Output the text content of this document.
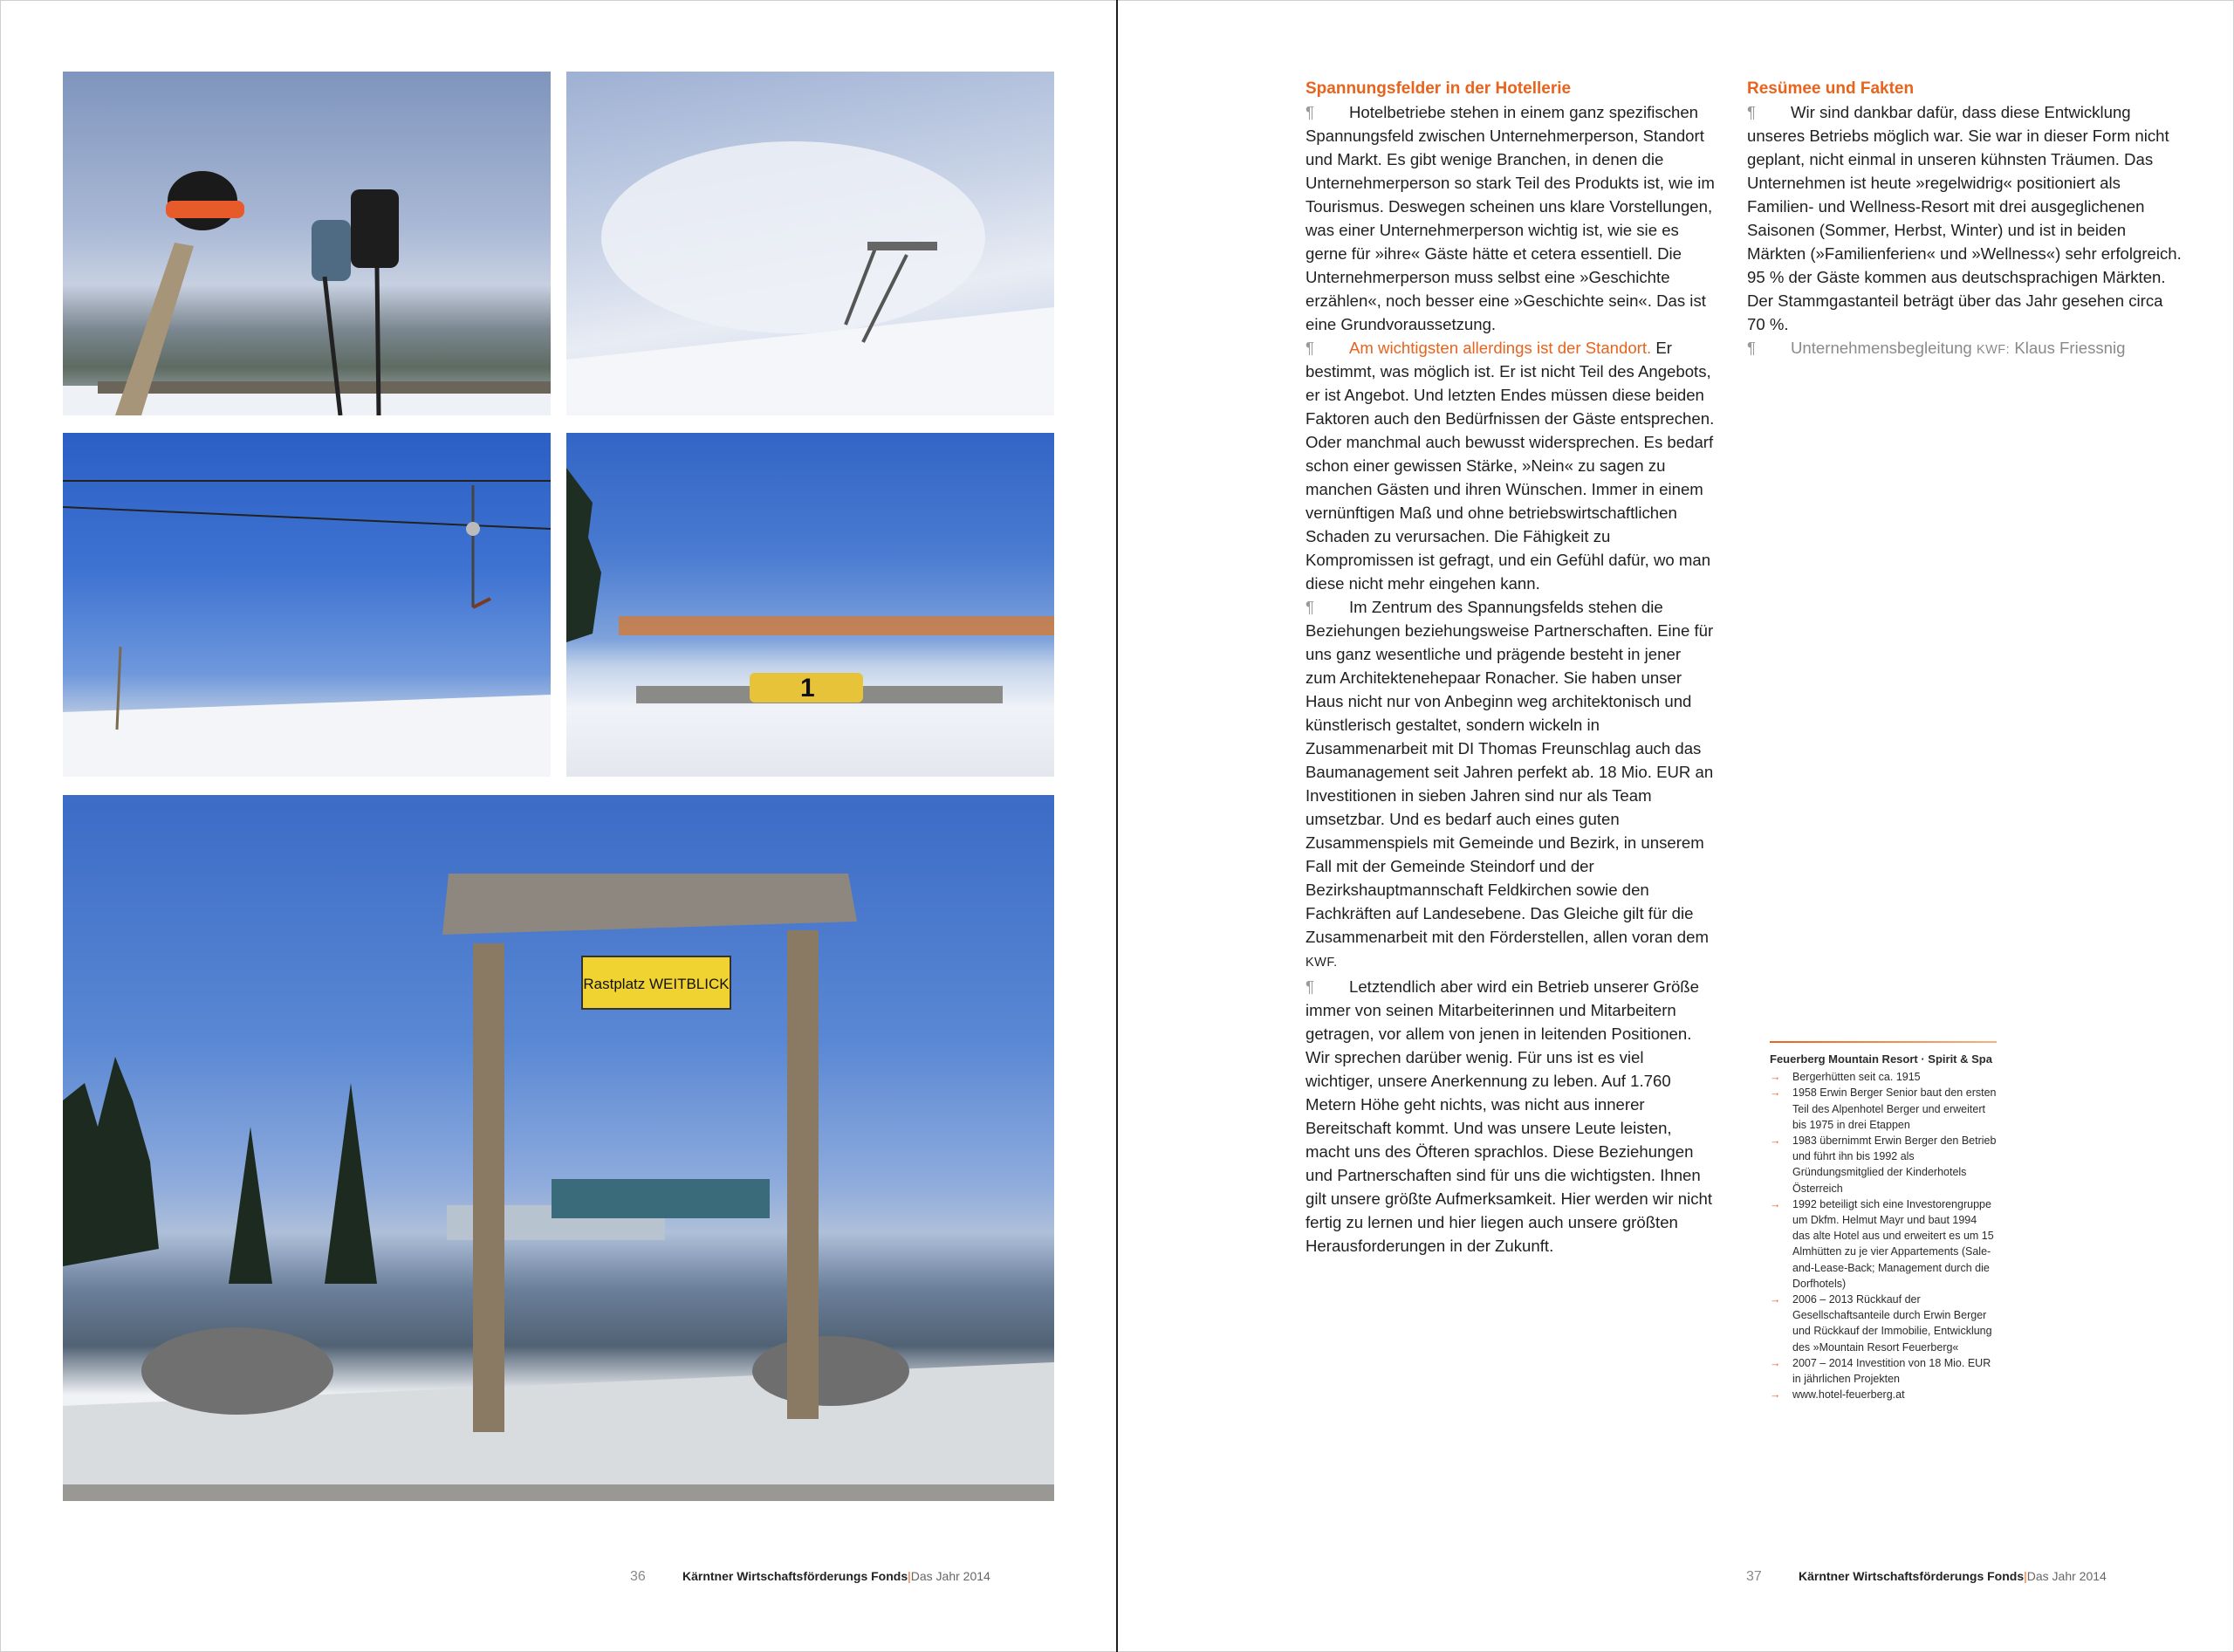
1
Rastplatz WEITBLICK

Spannungsfelder in der Hotellerie

¶ Hotelbetriebe stehen in einem ganz spezifischen Spannungsfeld zwischen Unternehmerperson, Standort und Markt. Es gibt wenige Branchen, in denen die Unternehmerperson so stark Teil des Produkts ist, wie im Tourismus. Deswegen scheinen uns klare Vorstellungen, was einer Unternehmerperson wichtig ist, wie sie es gerne für »ihre« Gäste hätte et cetera essentiell. Die Unternehmerperson muss selbst eine »Geschichte erzählen«, noch besser eine »Geschichte sein«. Das ist eine Grundvoraussetzung.

¶ Am wichtigsten allerdings ist der Standort. Er bestimmt, was möglich ist. Er ist nicht Teil des Angebots, er ist Angebot. Und letzten Endes müssen diese beiden Faktoren auch den Bedürfnissen der Gäste entsprechen. Oder manchmal auch bewusst widersprechen. Es bedarf schon einer gewissen Stärke, »Nein« zu sagen zu manchen Gästen und ihren Wünschen. Immer in einem vernünftigen Maß und ohne betriebswirtschaftlichen Schaden zu verursachen. Die Fähigkeit zu Kompromissen ist gefragt, und ein Gefühl dafür, wo man diese nicht mehr eingehen kann.

¶ Im Zentrum des Spannungsfelds stehen die Beziehungen beziehungsweise Partnerschaften. Eine für uns ganz wesentliche und prägende besteht in jener zum Architektenehepaar Ronacher. Sie haben unser Haus nicht nur von Anbeginn weg architektonisch und künstlerisch gestaltet, sondern wickeln in Zusammenarbeit mit DI Thomas Freunschlag auch das Baumanagement seit Jahren perfekt ab. 18 Mio. EUR an Investitionen in sieben Jahren sind nur als Team umsetzbar. Und es bedarf auch eines guten Zusammenspiels mit Gemeinde und Bezirk, in unserem Fall mit der Gemeinde Steindorf und der Bezirkshauptmannschaft Feldkirchen sowie den Fachkräften auf Landesebene. Das Gleiche gilt für die Zusammenarbeit mit den Förderstellen, allen voran dem
KWF.

¶ Letztendlich aber wird ein Betrieb unserer Größe immer von seinen Mitarbeiterinnen und Mitarbeitern getragen, vor allem von jenen in leitenden Positionen. Wir sprechen darüber wenig. Für uns ist es viel wichtiger, unsere Anerkennung zu leben. Auf 1.760 Metern Höhe geht nichts, was nicht aus innerer Bereitschaft kommt. Und was unsere Leute leisten, macht uns des Öfteren sprachlos. Diese Beziehungen und Partnerschaften sind für uns die wichtigsten. Ihnen gilt unsere größte Aufmerksamkeit. Hier werden wir nicht fertig zu lernen und hier liegen auch unsere größten Herausforderungen in der Zukunft.

Resümee und Fakten

¶ Wir sind dankbar dafür, dass diese Entwicklung unseres Betriebs möglich war. Sie war in dieser Form nicht geplant, nicht einmal in unseren kühnsten Träumen. Das Unternehmen ist heute »regelwidrig« positioniert als Familien- und Wellness-Resort mit drei ausgeglichenen Saisonen (Sommer, Herbst, Winter) und ist in beiden Märkten (»Familienferien« und »Wellness«) sehr erfolgreich. 95 % der Gäste kommen aus deutschsprachigen Märkten. Der Stammgastanteil beträgt über das Jahr gesehen circa 70 %.

¶ Unternehmensbegleitung KWF: Klaus Friessnig

Feuerberg Mountain Resort · Spirit & Spa
→ Bergerhütten seit ca. 1915
→ 1958 Erwin Berger Senior baut den ersten Teil des Alpenhotel Berger und erweitert bis 1975 in drei Etappen
→ 1983 übernimmt Erwin Berger den Betrieb und führt ihn bis 1992 als Gründungsmitglied der Kinderhotels Österreich
→ 1992 beteiligt sich eine Investorengruppe um Dkfm. Helmut Mayr und baut 1994 das alte Hotel aus und erweitert es um 15 Almhütten zu je vier Appartements (Sale-and-Lease-Back; Management durch die Dorfhotels)
→ 2006 – 2013 Rückkauf der Gesellschaftsanteile durch Erwin Berger und Rückkauf der Immobilie, Entwicklung des »Mountain Resort Feuerberg«
→ 2007 – 2014 Investition von 18 Mio. EUR in jährlichen Projekten
→ www.hotel-feuerberg.at
36	Kärntner Wirtschaftsförderungs Fonds|Das Jahr 2014	37	Kärntner Wirtschaftsförderungs Fonds|Das Jahr 2014
